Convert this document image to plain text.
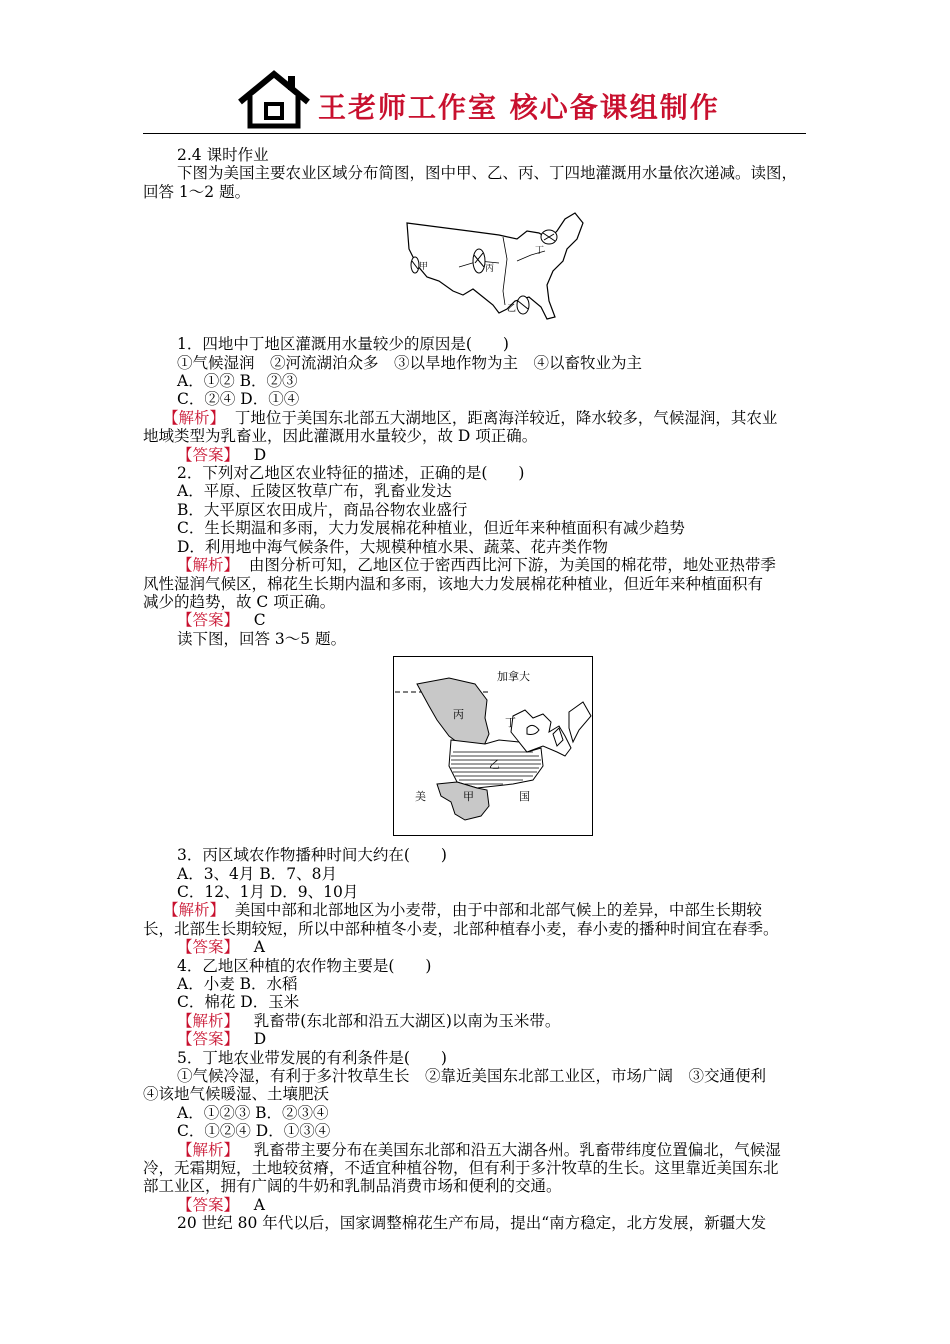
王老师工作室 核心备课组制作

2.4 课时作业

下图为美国主要农业区域分布简图，图中甲、乙、丙、丁四地灌溉用水量依次递减。读图，

回答 1～2 题。

甲	丙
乙
丁

1．四地中丁地区灌溉用水量较少的原因是(　　)

①气候湿润　②河流湖泊众多　③以旱地作物为主　④以畜牧业为主

A．①② B．②③

C．②④ D．①④

【解析】 丁地位于美国东北部五大湖地区，距离海洋较近，降水较多，气候湿润，其农业

地域类型为乳畜业，因此灌溉用水量较少，故 D 项正确。

【答案】 D

2．下列对乙地区农业特征的描述，正确的是(　　)

A．平原、丘陵区牧草广布，乳畜业发达

B．大平原区农田成片，商品谷物农业盛行

C．生长期温和多雨，大力发展棉花种植业，但近年来种植面积有减少趋势

D．利用地中海气候条件，大规模种植水果、蔬菜、花卉类作物

【解析】 由图分析可知，乙地区位于密西西比河下游，为美国的棉花带，地处亚热带季

风性湿润气候区，棉花生长期内温和多雨，该地大力发展棉花种植业，但近年来种植面积有

减少的趋势，故 C 项正确。

【答案】 C

读下图，回答 3～5 题。

加拿大
丙
丁
乙
甲
美	国

3．丙区域农作物播种时间大约在(　　)

A．3、4月 B．7、8月

C．12、1月 D．9、10月

【解析】 美国中部和北部地区为小麦带，由于中部和北部气候上的差异，中部生长期较

长，北部生长期较短，所以中部种植冬小麦，北部种植春小麦，春小麦的播种时间宜在春季。

【答案】 A

4．乙地区种植的农作物主要是(　　)

A．小麦 B．水稻

C．棉花 D．玉米

【解析】 乳畜带(东北部和沿五大湖区)以南为玉米带。

【答案】 D

5．丁地农业带发展的有利条件是(　　)

①气候冷湿，有利于多汁牧草生长　②靠近美国东北部工业区，市场广阔　③交通便利

④该地气候暖湿、土壤肥沃

A．①②③ B．②③④

C．①②④ D．①③④

【解析】 乳畜带主要分布在美国东北部和沿五大湖各州。乳畜带纬度位置偏北，气候湿

冷，无霜期短，土地较贫瘠，不适宜种植谷物，但有利于多汁牧草的生长。这里靠近美国东北

部工业区，拥有广阔的牛奶和乳制品消费市场和便利的交通。

【答案】 A

20 世纪 80 年代以后，国家调整棉花生产布局，提出“南方稳定，北方发展，新疆大发
